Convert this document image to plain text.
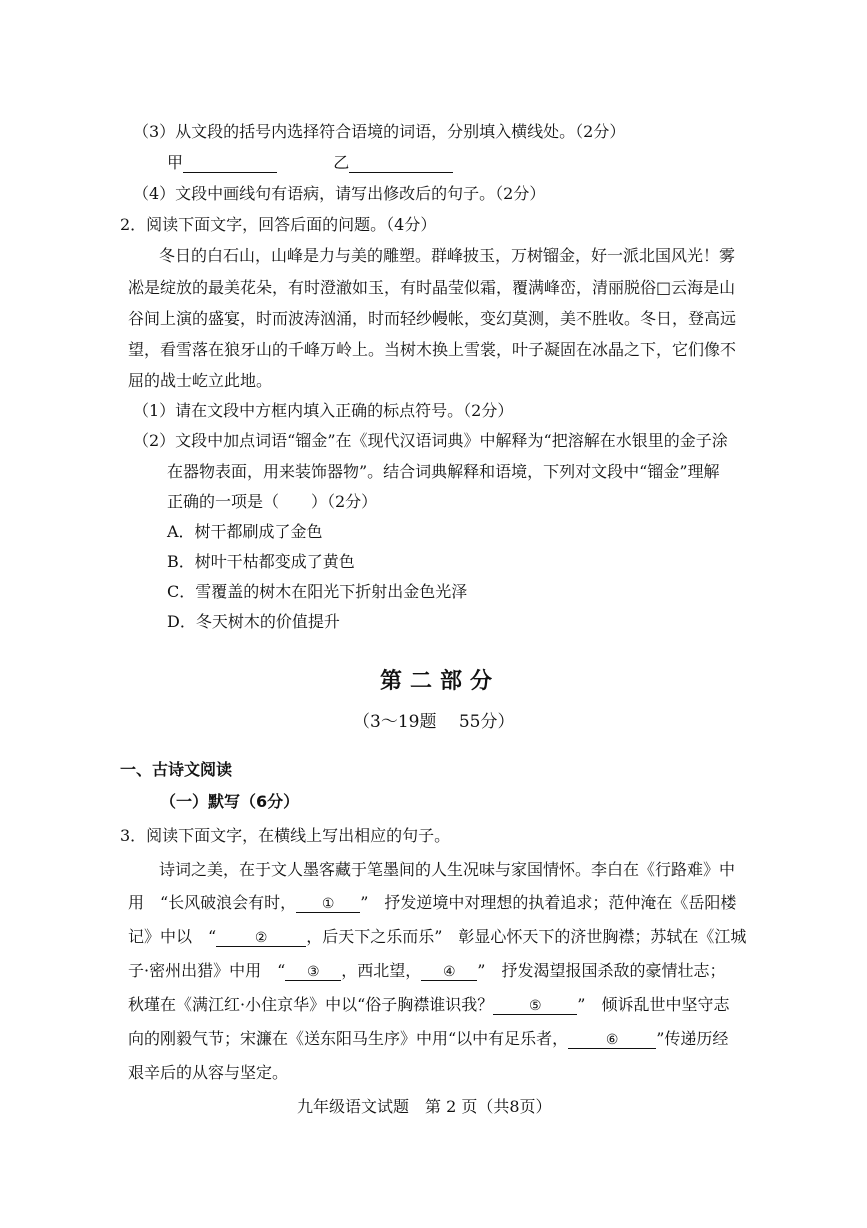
（3）从文段的括号内选择符合语境的词语，分别填入横线处。（2分）
甲	乙
（4）文段中画线句有语病，请写出修改后的句子。（2分）
2．阅读下面文字，回答后面的问题。（4分）
冬日的白石山，山峰是力与美的雕塑。群峰披玉，万树镏金，好一派北国风光！雾
凇是绽放的最美花朵，有时澄澈如玉，有时晶莹似霜，覆满峰峦，清丽脱俗□云海是山
谷间上演的盛宴，时而波涛汹涌，时而轻纱幔帐，变幻莫测，美不胜收。冬日，登高远
望，看雪落在狼牙山的千峰万岭上。当树木换上雪裳，叶子凝固在冰晶之下，它们像不
屈的战士屹立此地。
（1）请在文段中方框内填入正确的标点符号。（2分）
（2）文段中加点词语“镏金”在《现代汉语词典》中解释为“把溶解在水银里的金子涂
在器物表面，用来装饰器物”。结合词典解释和语境，下列对文段中“镏金”理解
正确的一项是（　　）（2分）
A．树干都刷成了金色
B．树叶干枯都变成了黄色
C．雪覆盖的树木在阳光下折射出金色光泽
D．冬天树木的价值提升
第二部分
（3～19题　 55分）
一、古诗文阅读
（一）默写（6分）
3．阅读下面文字，在横线上写出相应的句子。
诗词之美，在于文人墨客藏于笔墨间的人生况味与家国情怀。李白在《行路难》中
用　“长风破浪会有时， ① ”　抒发逆境中对理想的执着追求；范仲淹在《岳阳楼
记》中以　“	② ，后天下之乐而乐”　彰显心怀天下的济世胸襟；苏轼在《江城
子·密州出猎》中用　“ ③ ，西北望， ④ ”　抒发渴望报国杀敌的豪情壮志；
秋瑾在《满江红·小住京华》中以“俗子胸襟谁识我？	⑤ ”　倾诉乱世中坚守志
向的刚毅气节；宋濂在《送东阳马生序》中用“以中有足乐者，	⑥ ”传递历经
艰辛后的从容与坚定。
九年级语文试题　第 2 页（共8页）
